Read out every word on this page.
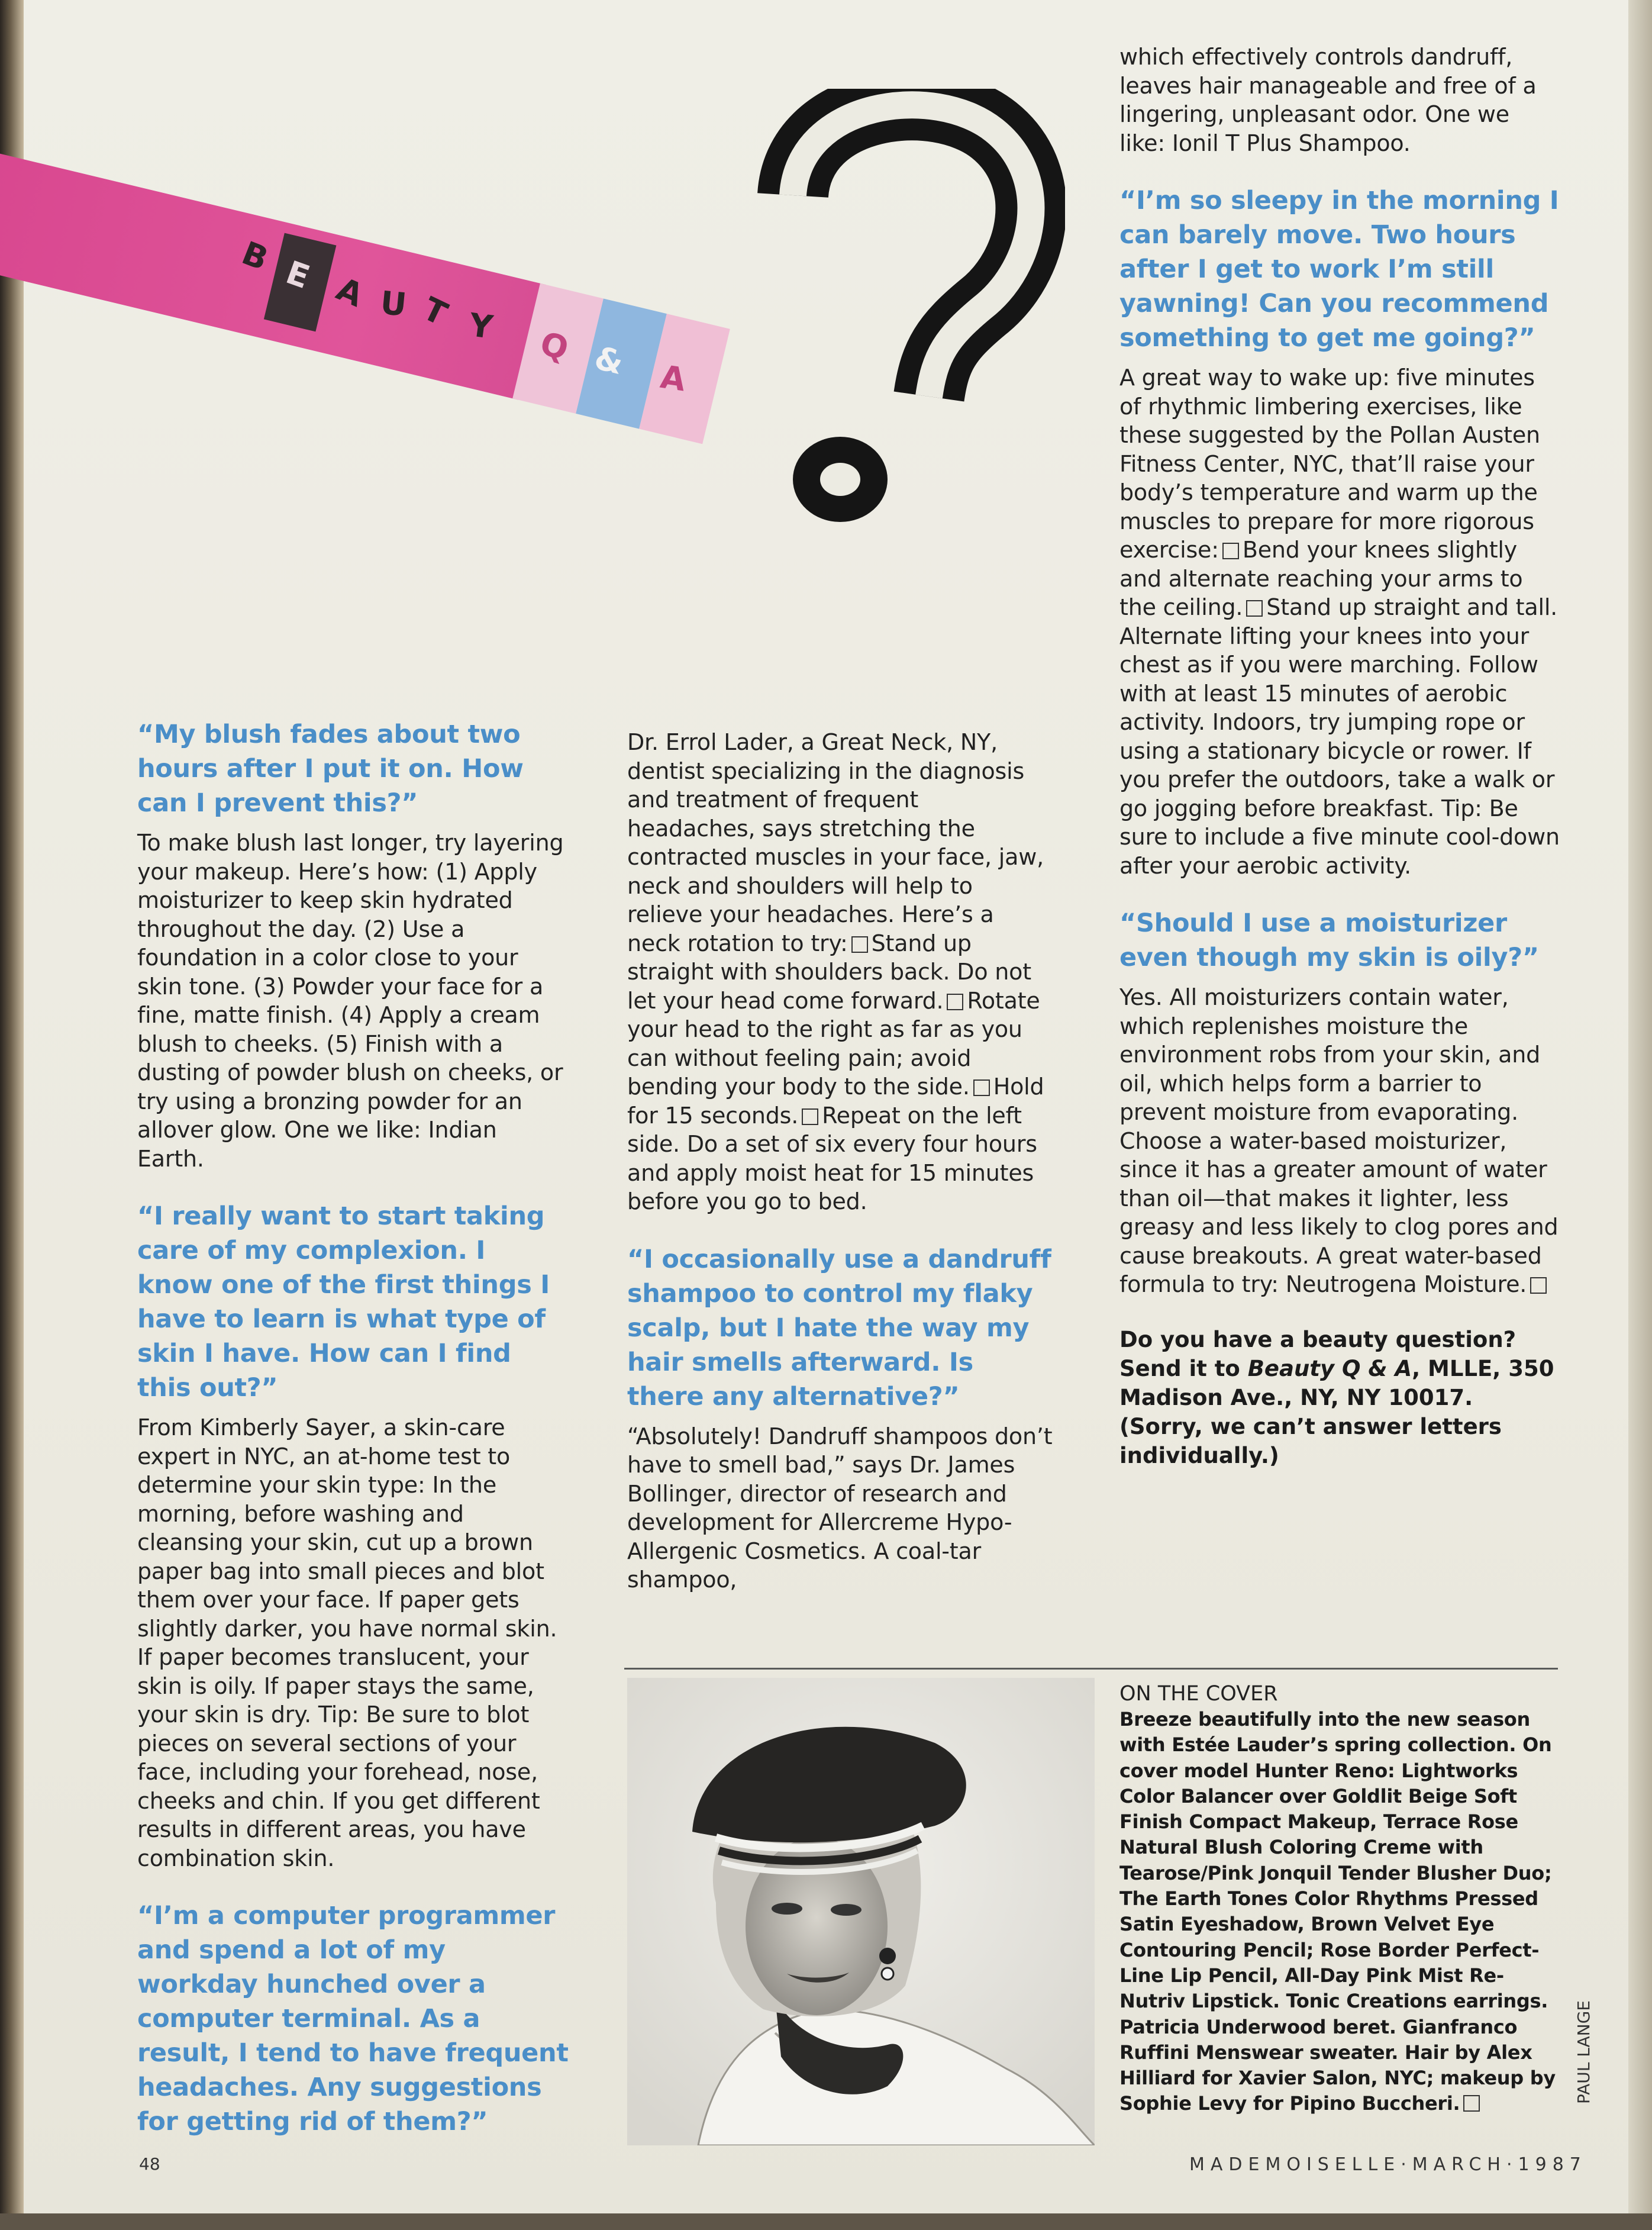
B E A U T Y Q & A

“My blush fades about two hours after I put it on. How can I prevent this?”

To make blush last longer, try layering your makeup. Here’s how: (1) Apply moisturizer to keep skin hydrated throughout the day. (2) Use a foundation in a color close to your skin tone. (3) Powder your face for a fine, matte finish. (4) Apply a cream blush to cheeks. (5) Finish with a dusting of powder blush on cheeks, or try using a bronzing powder for an allover glow. One we like: Indian Earth.

“I really want to start taking care of my complexion. I know one of the first things I have to learn is what type of skin I have. How can I find this out?”

From Kimberly Sayer, a skin-care expert in NYC, an at-home test to determine your skin type: In the morning, before washing and cleansing your skin, cut up a brown paper bag into small pieces and blot them over your face. If paper gets slightly darker, you have normal skin. If paper becomes translucent, your skin is oily. If paper stays the same, your skin is dry. Tip: Be sure to blot pieces on several sections of your face, including your forehead, nose, cheeks and chin. If you get different results in different areas, you have combination skin.

“I’m a computer programmer and spend a lot of my workday hunched over a computer terminal. As a result, I tend to have frequent headaches. Any suggestions for getting rid of them?”

Dr. Errol Lader, a Great Neck, NY, dentist specializing in the diagnosis and treatment of frequent headaches, says stretching the contracted muscles in your face, jaw, neck and shoulders will help to relieve your headaches. Here’s a neck rotation to try: Stand up straight with shoulders back. Do not let your head come forward. Rotate your head to the right as far as you can without feeling pain; avoid bending your body to the side. Hold for 15 seconds. Repeat on the left side. Do a set of six every four hours and apply moist heat for 15 minutes before you go to bed.

“I occasionally use a dandruff shampoo to control my flaky scalp, but I hate the way my hair smells afterward. Is there any alternative?”

“Absolutely! Dandruff shampoos don’t have to smell bad,” says Dr. James Bollinger, director of research and development for Allercreme Hypo-Allergenic Cosmetics. A coal-tar shampoo,

which effectively controls dandruff, leaves hair manageable and free of a lingering, unpleasant odor. One we like: Ionil T Plus Shampoo.

“I’m so sleepy in the morning I can barely move. Two hours after I get to work I’m still yawning! Can you recommend something to get me going?”

A great way to wake up: five minutes of rhythmic limbering exercises, like these suggested by the Pollan Austen Fitness Center, NYC, that’ll raise your body’s temperature and warm up the muscles to prepare for more rigorous exercise: Bend your knees slightly and alternate reaching your arms to the ceiling. Stand up straight and tall. Alternate lifting your knees into your chest as if you were marching. Follow with at least 15 minutes of aerobic activity. Indoors, try jumping rope or using a stationary bicycle or rower. If you prefer the outdoors, take a walk or go jogging before breakfast. Tip: Be sure to include a five minute cool-down after your aerobic activity.

“Should I use a moisturizer even though my skin is oily?”

Yes. All moisturizers contain water, which replenishes moisture the environment robs from your skin, and oil, which helps form a barrier to prevent moisture from evaporating. Choose a water-based moisturizer, since it has a greater amount of water than oil—that makes it lighter, less greasy and less likely to clog pores and cause breakouts. A great water-based formula to try: Neutrogena Moisture.

Do you have a beauty question? Send it to Beauty Q & A, MLLE, 350 Madison Ave., NY, NY 10017. (Sorry, we can’t answer letters individually.)

ON THE COVER

Breeze beautifully into the new season with Estée Lauder’s spring collection. On cover model Hunter Reno: Lightworks Color Balancer over Goldlit Beige Soft Finish Compact Makeup, Terrace Rose Natural Blush Coloring Creme with Tearose/Pink Jonquil Tender Blusher Duo; The Earth Tones Color Rhythms Pressed Satin Eyeshadow, Brown Velvet Eye Contouring Pencil; Rose Border Perfect-Line Lip Pencil, All-Day Pink Mist Re-Nutriv Lipstick. Tonic Creations earrings. Patricia Underwood beret. Gianfranco Ruffini Menswear sweater. Hair by Alex Hilliard for Xavier Salon, NYC; makeup by Sophie Levy for Pipino Buccheri.

48	MADEMOISELLE·MARCH·1987
PAUL LANGE
